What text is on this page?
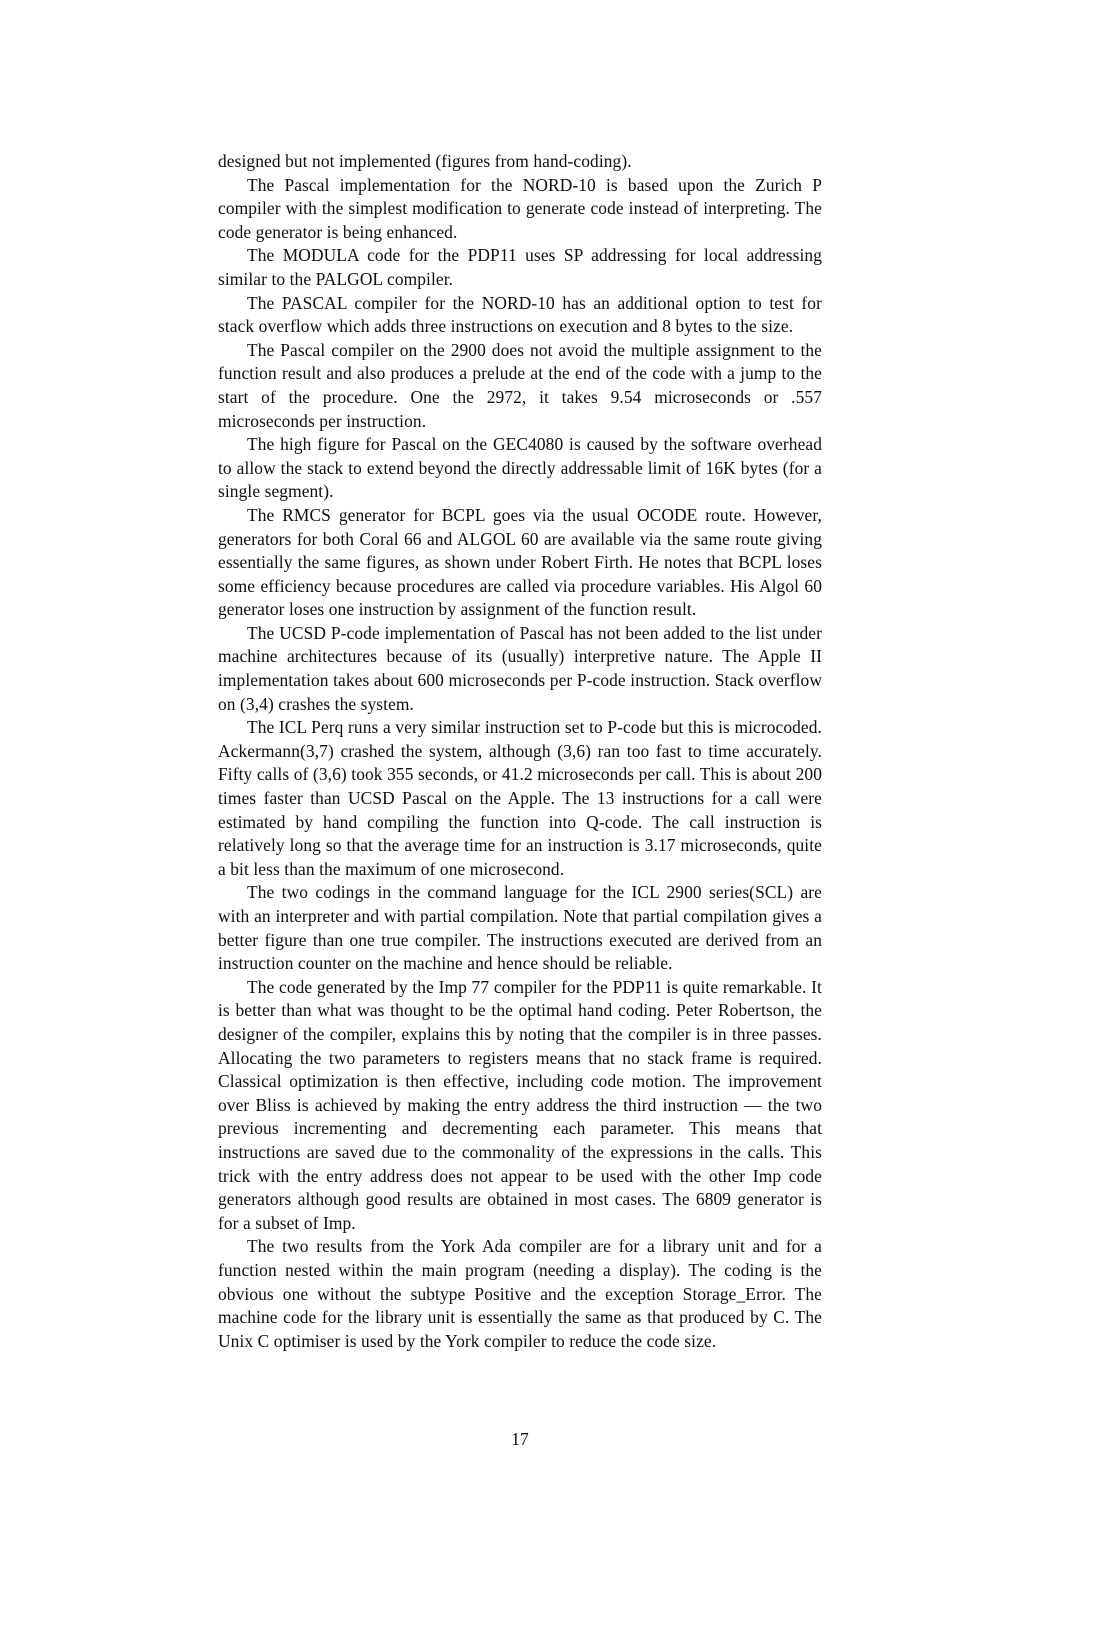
designed but not implemented (figures from hand-coding).

The Pascal implementation for the NORD-10 is based upon the Zurich P compiler with the simplest modification to generate code instead of interpreting. The code generator is being enhanced.

The MODULA code for the PDP11 uses SP addressing for local addressing similar to the PALGOL compiler.

The PASCAL compiler for the NORD-10 has an additional option to test for stack overflow which adds three instructions on execution and 8 bytes to the size.

The Pascal compiler on the 2900 does not avoid the multiple assignment to the function result and also produces a prelude at the end of the code with a jump to the start of the procedure. One the 2972, it takes 9.54 microseconds or .557 microseconds per instruction.

The high figure for Pascal on the GEC4080 is caused by the software overhead to allow the stack to extend beyond the directly addressable limit of 16K bytes (for a single segment).

The RMCS generator for BCPL goes via the usual OCODE route. However, generators for both Coral 66 and ALGOL 60 are available via the same route giving essentially the same figures, as shown under Robert Firth. He notes that BCPL loses some efficiency because procedures are called via procedure variables. His Algol 60 generator loses one instruction by assignment of the function result.

The UCSD P-code implementation of Pascal has not been added to the list under machine architectures because of its (usually) interpretive nature. The Apple II implementation takes about 600 microseconds per P-code instruction. Stack overflow on (3,4) crashes the system.

The ICL Perq runs a very similar instruction set to P-code but this is microcoded. Ackermann(3,7) crashed the system, although (3,6) ran too fast to time accurately. Fifty calls of (3,6) took 355 seconds, or 41.2 microseconds per call. This is about 200 times faster than UCSD Pascal on the Apple. The 13 instructions for a call were estimated by hand compiling the function into Q-code. The call instruction is relatively long so that the average time for an instruction is 3.17 microseconds, quite a bit less than the maximum of one microsecond.

The two codings in the command language for the ICL 2900 series(SCL) are with an interpreter and with partial compilation. Note that partial compilation gives a better figure than one true compiler. The instructions executed are derived from an instruction counter on the machine and hence should be reliable.

The code generated by the Imp 77 compiler for the PDP11 is quite remarkable. It is better than what was thought to be the optimal hand coding. Peter Robertson, the designer of the compiler, explains this by noting that the compiler is in three passes. Allocating the two parameters to registers means that no stack frame is required. Classical optimization is then effective, including code motion. The improvement over Bliss is achieved by making the entry address the third instruction — the two previous incrementing and decrementing each parameter. This means that instructions are saved due to the commonality of the expressions in the calls. This trick with the entry address does not appear to be used with the other Imp code generators although good results are obtained in most cases. The 6809 generator is for a subset of Imp.

The two results from the York Ada compiler are for a library unit and for a function nested within the main program (needing a display). The coding is the obvious one without the subtype Positive and the exception Storage_Error. The machine code for the library unit is essentially the same as that produced by C. The Unix C optimiser is used by the York compiler to reduce the code size.

17
